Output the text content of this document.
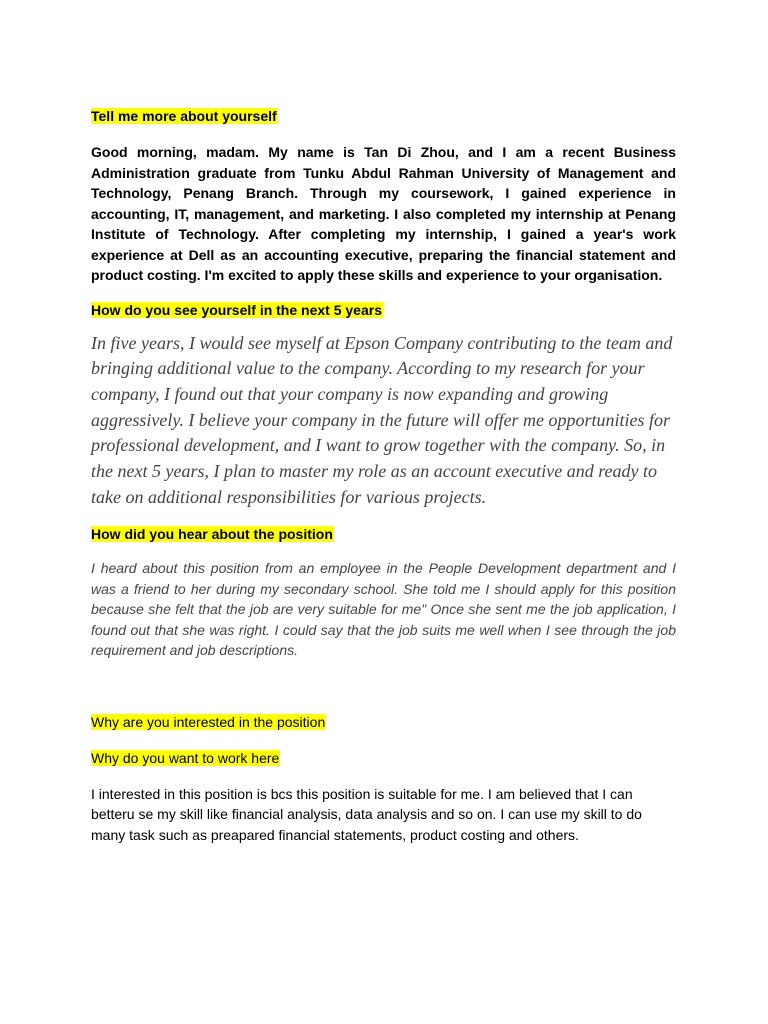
Tell me more about yourself

Good morning, madam. My name is Tan Di Zhou, and I am a recent Business Administration graduate from Tunku Abdul Rahman University of Management and Technology, Penang Branch. Through my coursework, I gained experience in accounting, IT, management, and marketing. I also completed my internship at Penang Institute of Technology. After completing my internship, I gained a year's work experience at Dell as an accounting executive, preparing the financial statement and product costing. I'm excited to apply these skills and experience to your organisation.

How do you see yourself in the next 5 years

In five years, I would see myself at Epson Company contributing to the team and bringing additional value to the company. According to my research for your company, I found out that your company is now expanding and growing aggressively. I believe your company in the future will offer me opportunities for professional development, and I want to grow together with the company. So, in the next 5 years, I plan to master my role as an account executive and ready to take on additional responsibilities for various projects.

How did you hear about the position

I heard about this position from an employee in the People Development department and I was a friend to her during my secondary school. She told me I should apply for this position because she felt that the job are very suitable for me" Once she sent me the job application, I found out that she was right. I could say that the job suits me well when I see through the job requirement and job descriptions.

Why are you interested in the position

Why do you want to work here

I interested in this position is bcs this position is suitable for me. I am believed that I can betteru se my skill like financial analysis, data analysis and so on. I can use my skill to do many task such as preapared financial statements, product costing and others.
